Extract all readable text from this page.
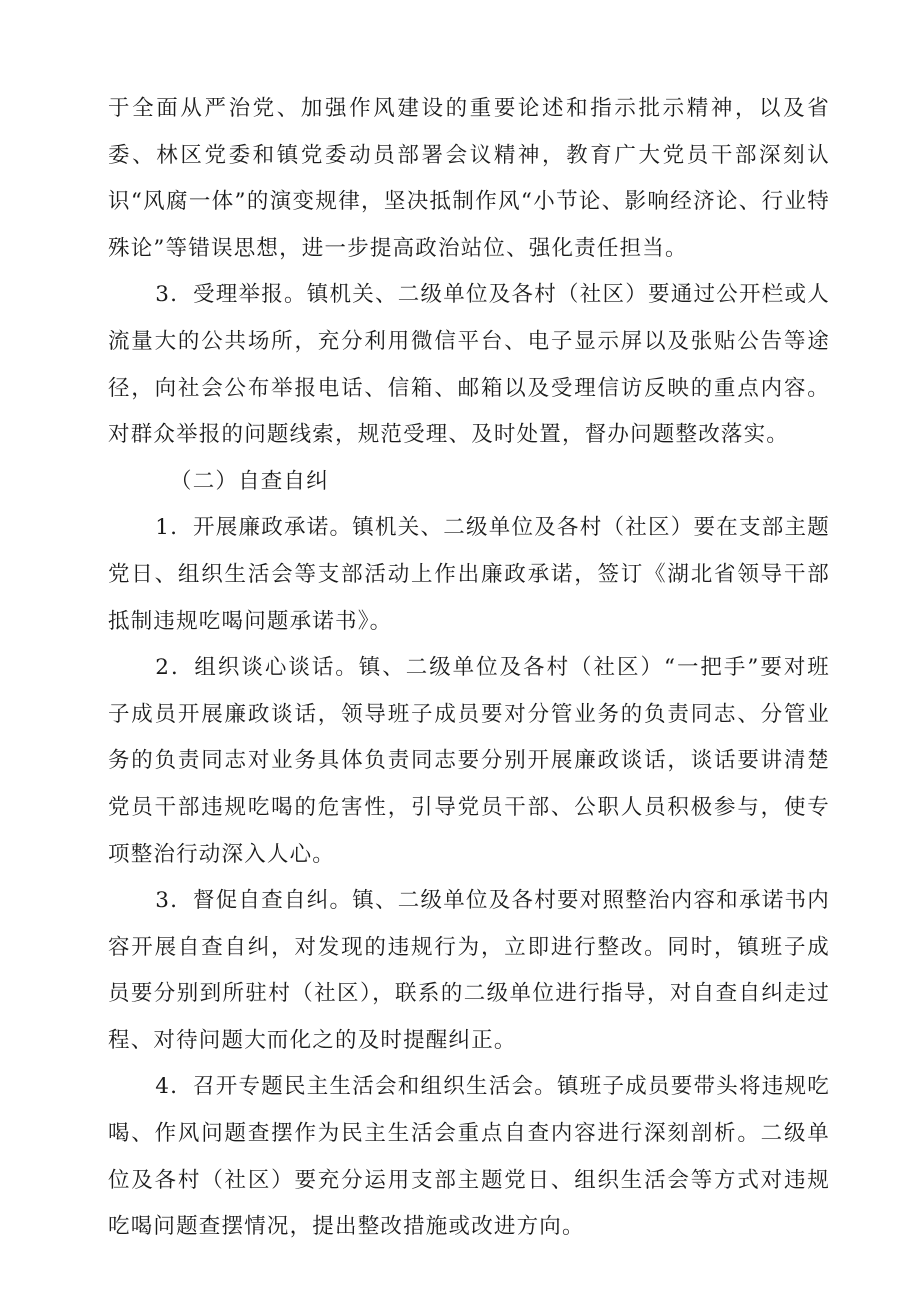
于全面从严治党、加强作风建设的重要论述和指示批示精神，以及省委、林区党委和镇党委动员部署会议精神，教育广大党员干部深刻认识“风腐一体”的演变规律，坚决抵制作风“小节论、影响经济论、行业特殊论”等错误思想，进一步提高政治站位、强化责任担当。

3．受理举报。镇机关、二级单位及各村（社区）要通过公开栏或人流量大的公共场所，充分利用微信平台、电子显示屏以及张贴公告等途径，向社会公布举报电话、信箱、邮箱以及受理信访反映的重点内容。对群众举报的问题线索，规范受理、及时处置，督办问题整改落实。

（二）自查自纠

1．开展廉政承诺。镇机关、二级单位及各村（社区）要在支部主题党日、组织生活会等支部活动上作出廉政承诺，签订《湖北省领导干部抵制违规吃喝问题承诺书》。

2．组织谈心谈话。镇、二级单位及各村（社区）“一把手”要对班子成员开展廉政谈话，领导班子成员要对分管业务的负责同志、分管业务的负责同志对业务具体负责同志要分别开展廉政谈话，谈话要讲清楚党员干部违规吃喝的危害性，引导党员干部、公职人员积极参与，使专项整治行动深入人心。

3．督促自查自纠。镇、二级单位及各村要对照整治内容和承诺书内容开展自查自纠，对发现的违规行为，立即进行整改。同时，镇班子成员要分别到所驻村（社区），联系的二级单位进行指导，对自查自纠走过程、对待问题大而化之的及时提醒纠正。

4．召开专题民主生活会和组织生活会。镇班子成员要带头将违规吃喝、作风问题查摆作为民主生活会重点自查内容进行深刻剖析。二级单位及各村（社区）要充分运用支部主题党日、组织生活会等方式对违规吃喝问题查摆情况，提出整改措施或改进方向。
